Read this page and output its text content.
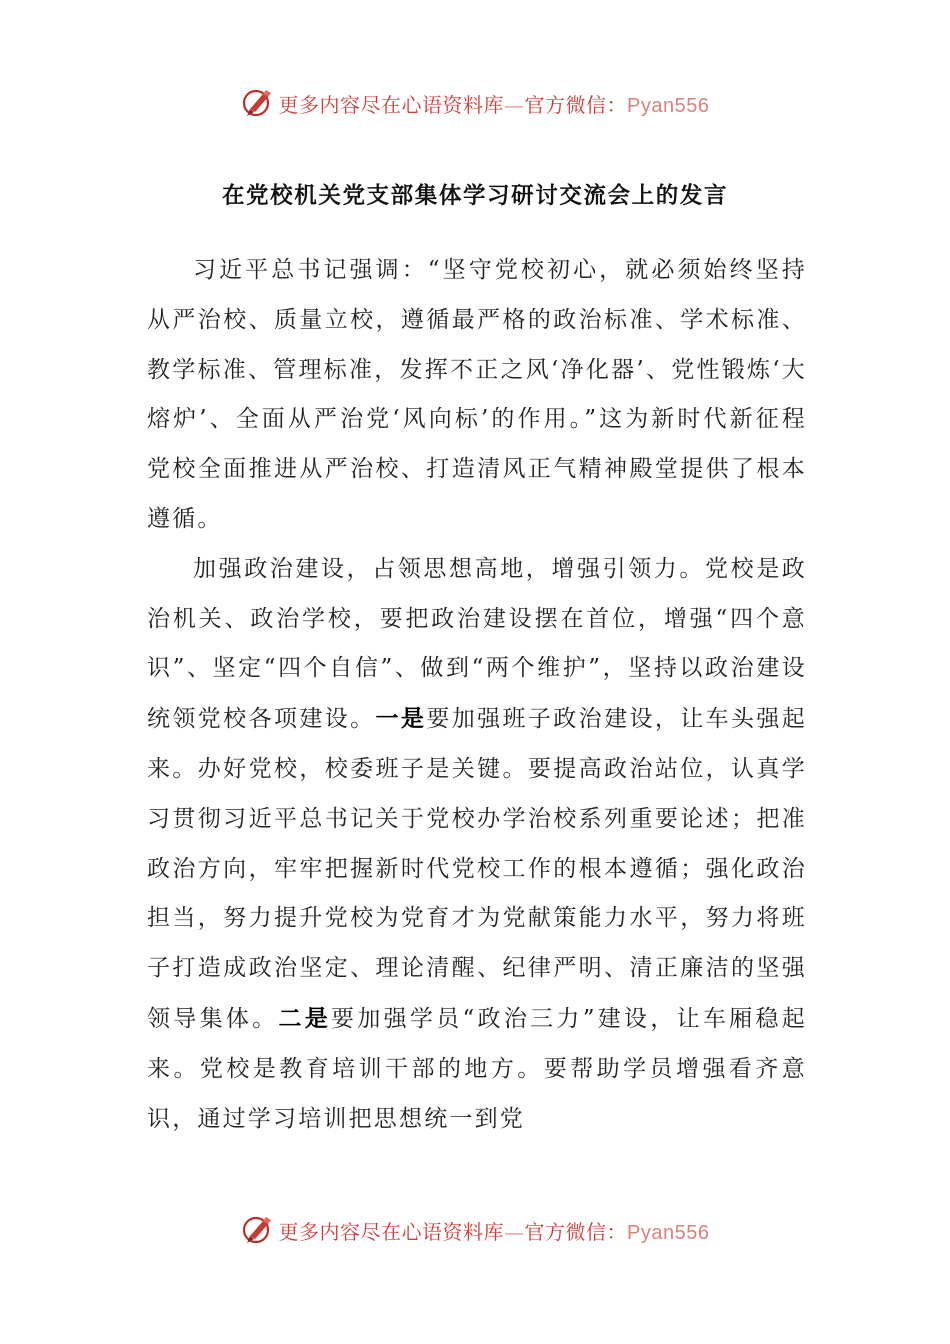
更多内容尽在心语资料库—官方微信：Pyan556
在党校机关党支部集体学习研讨交流会上的发言

习近平总书记强调：“坚守党校初心，就必须始终坚持从严治校、质量立校，遵循最严格的政治标准、学术标准、教学标准、管理标准，发挥不正之风‘净化器’、党性锻炼‘大熔炉’、全面从严治党‘风向标’的作用。”这为新时代新征程党校全面推进从严治校、打造清风正气精神殿堂提供了根本遵循。

加强政治建设，占领思想高地，增强引领力。党校是政治机关、政治学校，要把政治建设摆在首位，增强“四个意识”、坚定“四个自信”、做到“两个维护”，坚持以政治建设统领党校各项建设。一是要加强班子政治建设，让车头强起来。办好党校，校委班子是关键。要提高政治站位，认真学习贯彻习近平总书记关于党校办学治校系列重要论述；把准政治方向，牢牢把握新时代党校工作的根本遵循；强化政治担当，努力提升党校为党育才为党献策能力水平，努力将班子打造成政治坚定、理论清醒、纪律严明、清正廉洁的坚强领导集体。二是要加强学员“政治三力”建设，让车厢稳起来。党校是教育培训干部的地方。要帮助学员增强看齐意识，通过学习培训把思想统一到党

更多内容尽在心语资料库—官方微信：Pyan556
